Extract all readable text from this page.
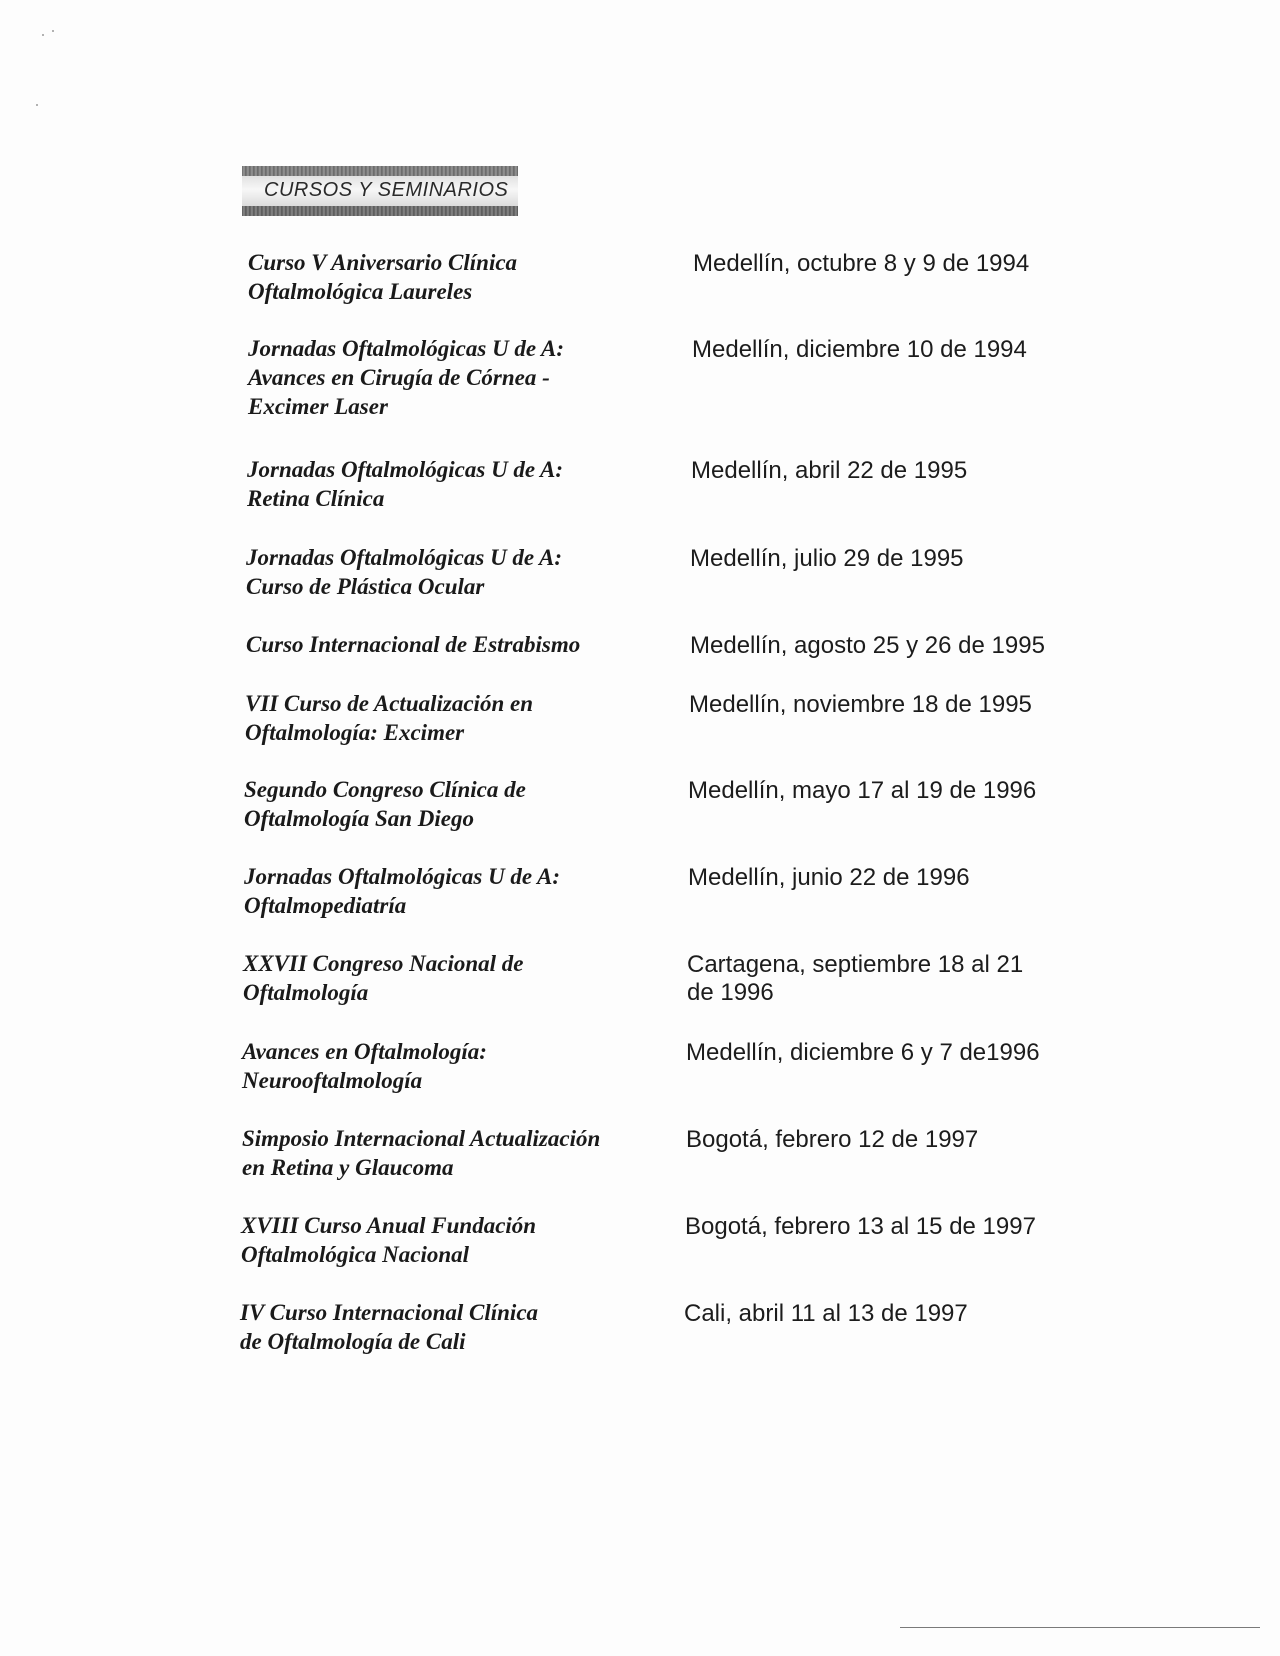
CURSOS Y SEMINARIOS
Curso V Aniversario Clínica
Oftalmológica Laureles
Medellín, octubre 8 y 9 de 1994
Jornadas Oftalmológicas U de A:
Avances en Cirugía de Córnea -
Excimer Laser
Medellín, diciembre 10 de 1994
Jornadas Oftalmológicas U de A:
Retina Clínica
Medellín, abril 22 de 1995
Jornadas Oftalmológicas U de A:
Curso de Plástica Ocular
Medellín, julio 29 de 1995
Curso Internacional de Estrabismo	Medellín, agosto 25 y 26 de 1995
VII Curso de Actualización en
Oftalmología: Excimer
Medellín, noviembre 18 de 1995
Segundo Congreso Clínica de
Oftalmología San Diego
Medellín, mayo 17 al 19 de 1996
Jornadas Oftalmológicas U de A:
Oftalmopediatría
Medellín, junio 22 de 1996
XXVII Congreso Nacional de
Oftalmología
Cartagena, septiembre 18 al 21
de 1996
Avances en Oftalmología:
Neurooftalmología
Medellín, diciembre 6 y 7 de1996
Simposio Internacional Actualización
en Retina y Glaucoma
Bogotá, febrero 12 de 1997
XVIII Curso Anual Fundación
Oftalmológica Nacional
Bogotá, febrero 13 al 15 de 1997
IV Curso Internacional Clínica
de Oftalmología de Cali
Cali, abril 11 al 13 de 1997
